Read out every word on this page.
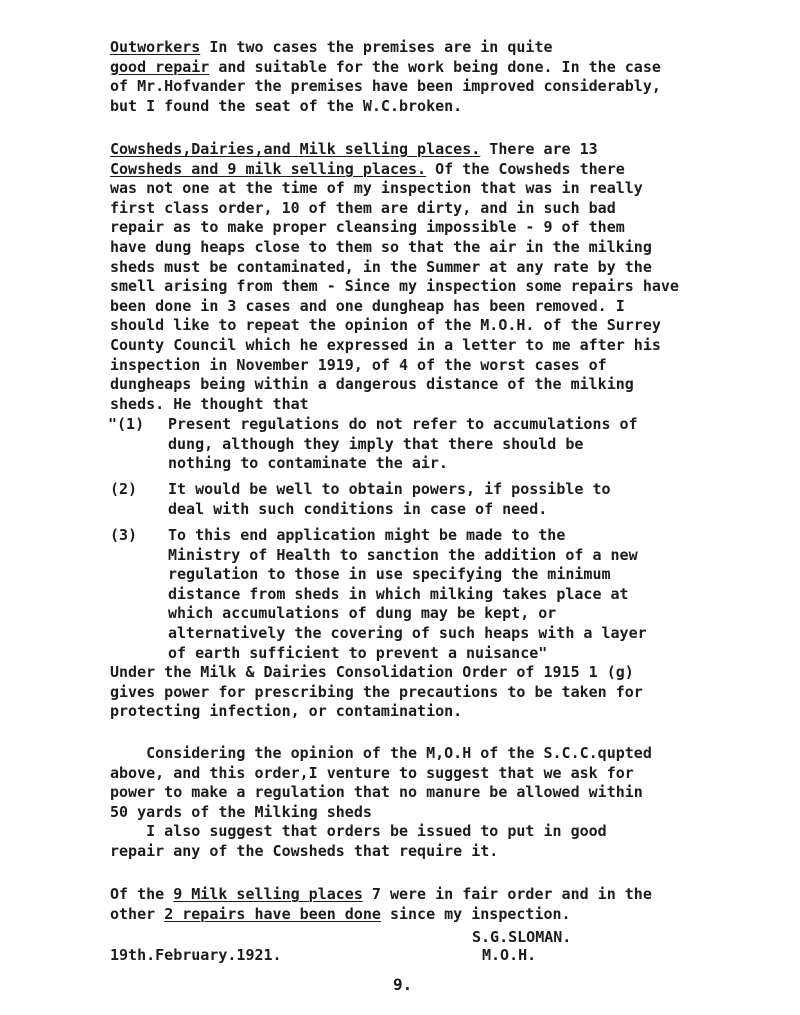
Outworkers In two cases the premises are in quite
good repair and suitable for the work being done. In the case
of Mr.Hofvander the premises have been improved considerably,
but I found the seat of the W.C.broken.
Cowsheds,Dairies,and Milk selling places. There are 13
Cowsheds and 9 milk selling places. Of the Cowsheds there
was not one at the time of my inspection that was in really
first class order, 10 of them are dirty, and in such bad
repair as to make proper cleansing impossible - 9 of them
have dung heaps close to them so that the air in the milking
sheds must be contaminated, in the Summer at any rate by the
smell arising from them - Since my inspection some repairs have
been done in 3 cases and one dungheap has been removed. I
should like to repeat the opinion of the M.O.H. of the Surrey
County Council which he expressed in a letter to me after his
inspection in November 1919, of 4 of the worst cases of
dungheaps being within a dangerous distance of the milking
sheds. He thought that
"(1) Present regulations do not refer to accumulations of
dung, although they imply that there should be
nothing to contaminate the air.
(2) It would be well to obtain powers, if possible to
deal with such conditions in case of need.
(3) To this end application might be made to the
Ministry of Health to sanction the addition of a new
regulation to those in use specifying the minimum
distance from sheds in which milking takes place at
which accumulations of dung may be kept, or
alternatively the covering of such heaps with a layer
of earth sufficient to prevent a nuisance"
Under the Milk & Dairies Consolidation Order of 1915 1 (g)
gives power for prescribing the precautions to be taken for
protecting infection, or contamination.
Considering the opinion of the M,O.H of the S.C.C.qupted
above, and this order,I venture to suggest that we ask for
power to make a regulation that no manure be allowed within
50 yards of the Milking sheds
I also suggest that orders be issued to put in good
repair any of the Cowsheds that require it.
Of the 9 Milk selling places 7 were in fair order and in the
other 2 repairs have been done since my inspection.
S.G.SLOMAN.
19th.February.1921.	M.O.H.
9.
